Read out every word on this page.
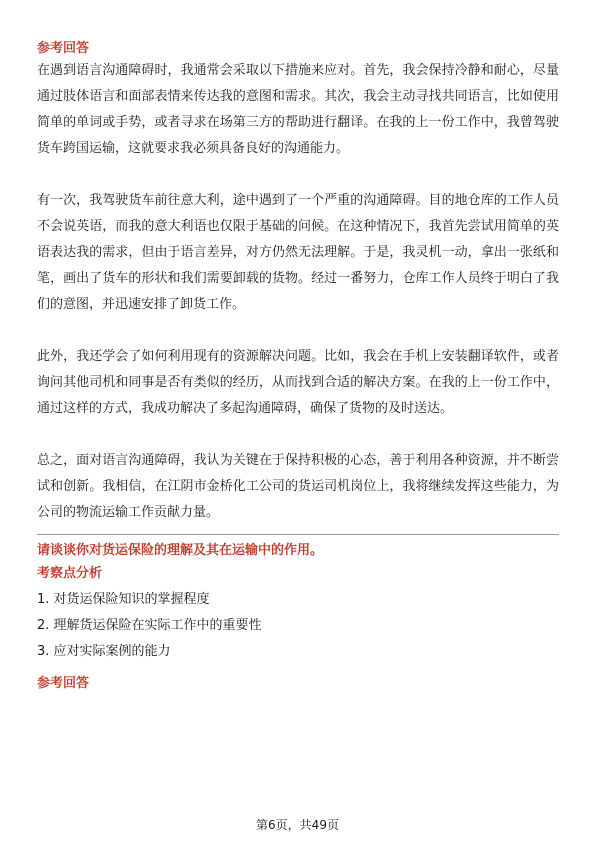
参考回答

在遇到语言沟通障碍时，我通常会采取以下措施来应对。首先，我会保持冷静和耐心，尽量通过肢体语言和面部表情来传达我的意图和需求。其次，我会主动寻找共同语言，比如使用简单的单词或手势，或者寻求在场第三方的帮助进行翻译。在我的上一份工作中，我曾驾驶货车跨国运输，这就要求我必须具备良好的沟通能力。

有一次，我驾驶货车前往意大利，途中遇到了一个严重的沟通障碍。目的地仓库的工作人员不会说英语，而我的意大利语也仅限于基础的问候。在这种情况下，我首先尝试用简单的英语表达我的需求，但由于语言差异，对方仍然无法理解。于是，我灵机一动，拿出一张纸和笔，画出了货车的形状和我们需要卸载的货物。经过一番努力，仓库工作人员终于明白了我们的意图，并迅速安排了卸货工作。

此外，我还学会了如何利用现有的资源解决问题。比如，我会在手机上安装翻译软件，或者询问其他司机和同事是否有类似的经历，从而找到合适的解决方案。在我的上一份工作中，通过这样的方式，我成功解决了多起沟通障碍，确保了货物的及时送达。

总之，面对语言沟通障碍，我认为关键在于保持积极的心态，善于利用各种资源，并不断尝试和创新。我相信，在江阴市金桥化工公司的货运司机岗位上，我将继续发挥这些能力，为公司的物流运输工作贡献力量。

请谈谈你对货运保险的理解及其在运输中的作用。

考察点分析

1. 对货运保险知识的掌握程度
2. 理解货运保险在实际工作中的重要性
3. 应对实际案例的能力

参考回答

第6页，共49页
